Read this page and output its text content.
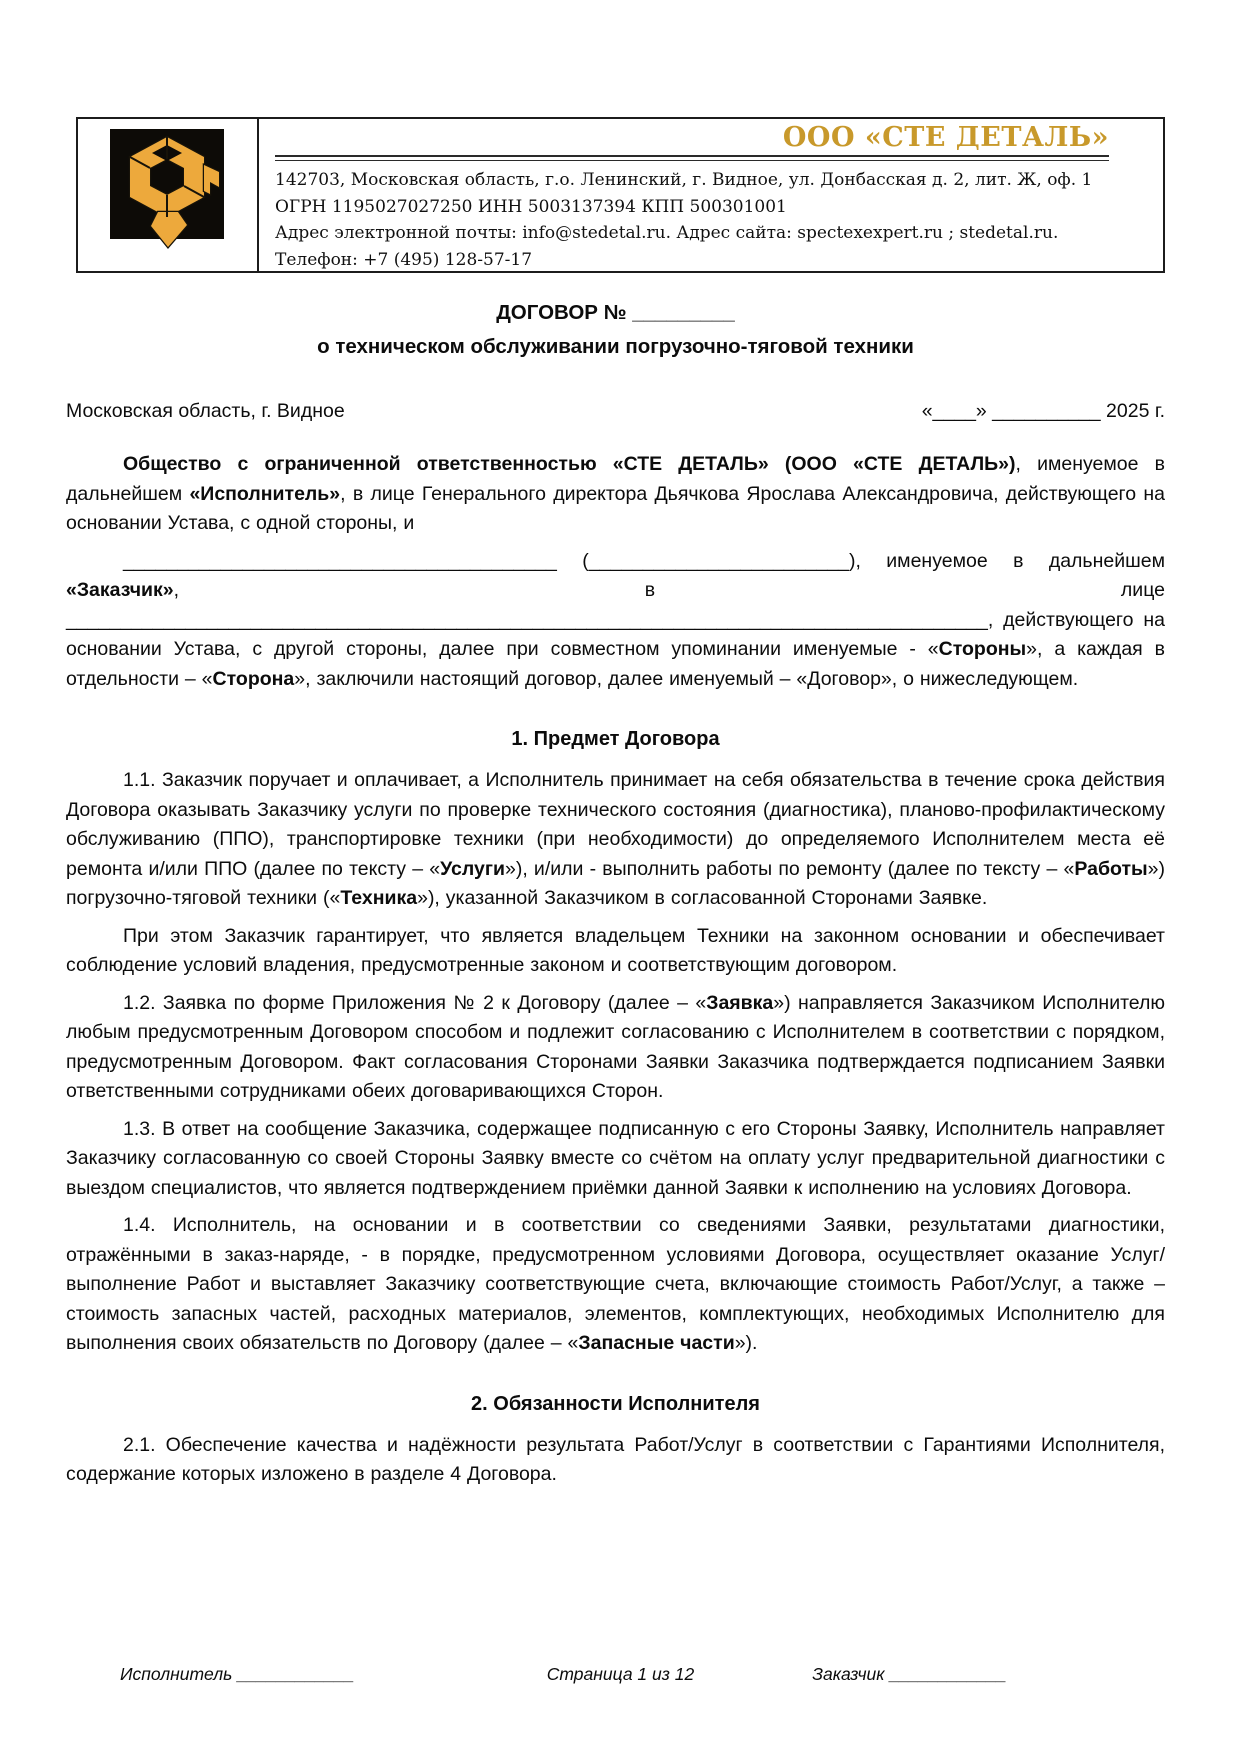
ООО «СТЕ ДЕТАЛЬ»
142703, Московская область, г.о. Ленинский, г. Видное, ул. Донбасская д. 2, лит. Ж, оф. 1
ОГРН 1195027027250 ИНН 5003137394 КПП 500301001
Адрес электронной почты: info@stedetal.ru. Адрес сайта: spectexexpert.ru ; stedetal.ru.
Телефон: +7 (495) 128-57-17
ДОГОВОР № _________
о техническом обслуживании погрузочно-тяговой техники
Московская область, г. Видное	«____» __________ 2025 г.

Общество с ограниченной ответственностью «СТЕ ДЕТАЛЬ» (ООО «СТЕ ДЕТАЛЬ»), именуемое в дальнейшем «Исполнитель», в лице Генерального директора Дьячкова Ярослава Александровича, действующего на основании Устава, с одной стороны, и

________________________________________ (________________________), именуемое в дальнейшем «Заказчик», в лице _____________________________________________________________________________________, действующего на основании Устава, с другой стороны, далее при совместном упоминании именуемые - «Стороны», а каждая в отдельности – «Сторона», заключили настоящий договор, далее именуемый – «Договор», о нижеследующем.

1. Предмет Договора

1.1. Заказчик поручает и оплачивает, а Исполнитель принимает на себя обязательства в течение срока действия Договора оказывать Заказчику услуги по проверке технического состояния (диагностика), планово-профилактическому обслуживанию (ППО), транспортировке техники (при необходимости) до определяемого Исполнителем места её ремонта и/или ППО (далее по тексту – «Услуги»), и/или - выполнить работы по ремонту (далее по тексту – «Работы») погрузочно-тяговой техники («Техника»), указанной Заказчиком в согласованной Сторонами Заявке.

При этом Заказчик гарантирует, что является владельцем Техники на законном основании и обеспечивает соблюдение условий владения, предусмотренные законом и соответствующим договором.

1.2. Заявка по форме Приложения № 2 к Договору (далее – «Заявка») направляется Заказчиком Исполнителю любым предусмотренным Договором способом и подлежит согласованию с Исполнителем в соответствии с порядком, предусмотренным Договором. Факт согласования Сторонами Заявки Заказчика подтверждается подписанием Заявки ответственными сотрудниками обеих договаривающихся Сторон.

1.3. В ответ на сообщение Заказчика, содержащее подписанную с его Стороны Заявку, Исполнитель направляет Заказчику согласованную со своей Стороны Заявку вместе со счётом на оплату услуг предварительной диагностики с выездом специалистов, что является подтверждением приёмки данной Заявки к исполнению на условиях Договора.

1.4. Исполнитель, на основании и в соответствии со сведениями Заявки, результатами диагностики, отражёнными в заказ-наряде, - в порядке, предусмотренном условиями Договора, осуществляет оказание Услуг/выполнение Работ и выставляет Заказчику соответствующие счета, включающие стоимость Работ/Услуг, а также – стоимость запасных частей, расходных материалов, элементов, комплектующих, необходимых Исполнителю для выполнения своих обязательств по Договору (далее – «Запасные части»).

2. Обязанности Исполнителя

2.1. Обеспечение качества и надёжности результата Работ/Услуг в соответствии с Гарантиями Исполнителя, содержание которых изложено в разделе 4 Договора.

Исполнитель ____________	Страница 1 из 12	Заказчик ____________
